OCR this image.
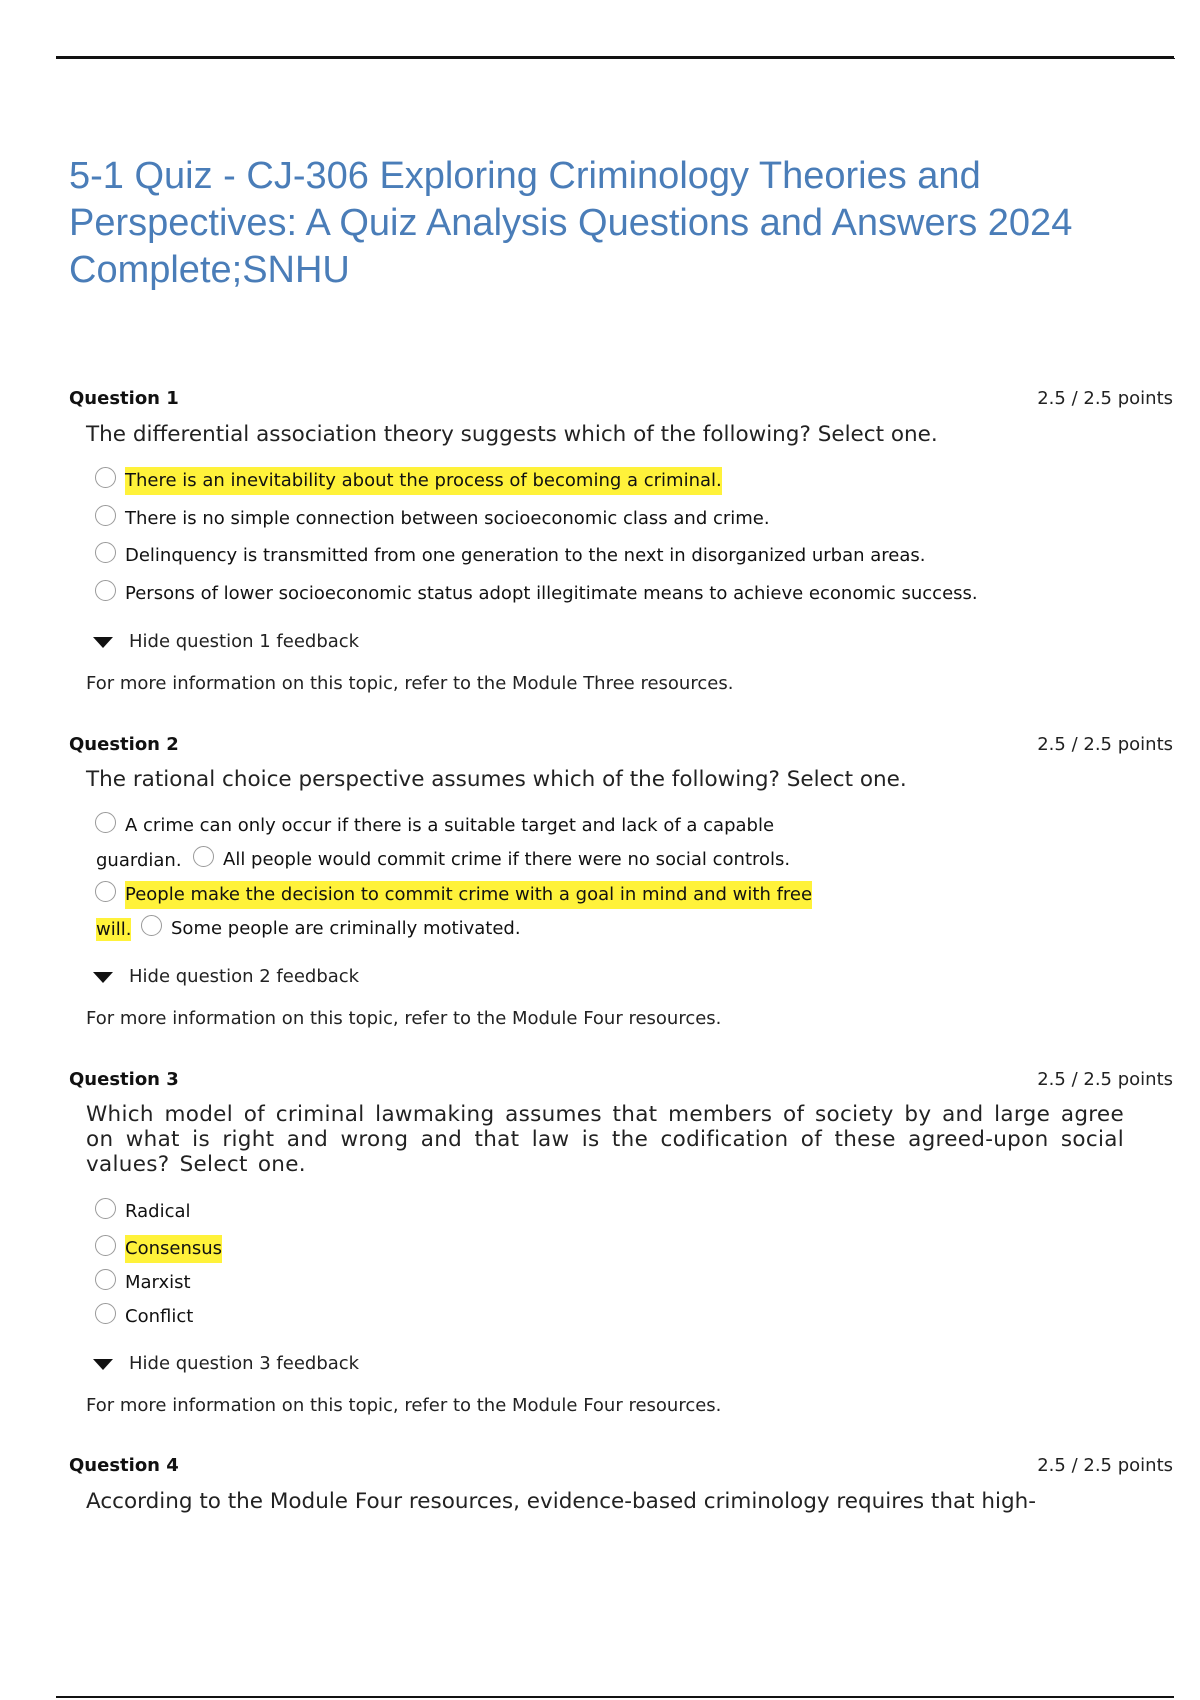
5-1 Quiz - CJ-306 Exploring Criminology Theories and Perspectives: A Quiz Analysis Questions and Answers 2024 Complete;SNHU
Question 1	2.5 / 2.5 points

The differential association theory suggests which of the following? Select one.

There is an inevitability about the process of becoming a criminal.
There is no simple connection between socioeconomic class and crime.
Delinquency is transmitted from one generation to the next in disorganized urban areas.
Persons of lower socioeconomic status adopt illegitimate means to achieve economic success.
Hide question 1 feedback
For more information on this topic, refer to the Module Three resources.
Question 2	2.5 / 2.5 points

The rational choice perspective assumes which of the following? Select one.

A crime can only occur if there is a suitable target and lack of a capable
guardian. All people would commit crime if there were no social controls.
People make the decision to commit crime with a goal in mind and with free
will. Some people are criminally motivated.
Hide question 2 feedback
For more information on this topic, refer to the Module Four resources.
Question 3	2.5 / 2.5 points

Which model of criminal lawmaking assumes that members of society by and large agree on what is right and wrong and that law is the codification of these agreed-upon social values? Select one.

Radical
Consensus
Marxist
Conflict
Hide question 3 feedback
For more information on this topic, refer to the Module Four resources.
Question 4	2.5 / 2.5 points

According to the Module Four resources, evidence-based criminology requires that high-
